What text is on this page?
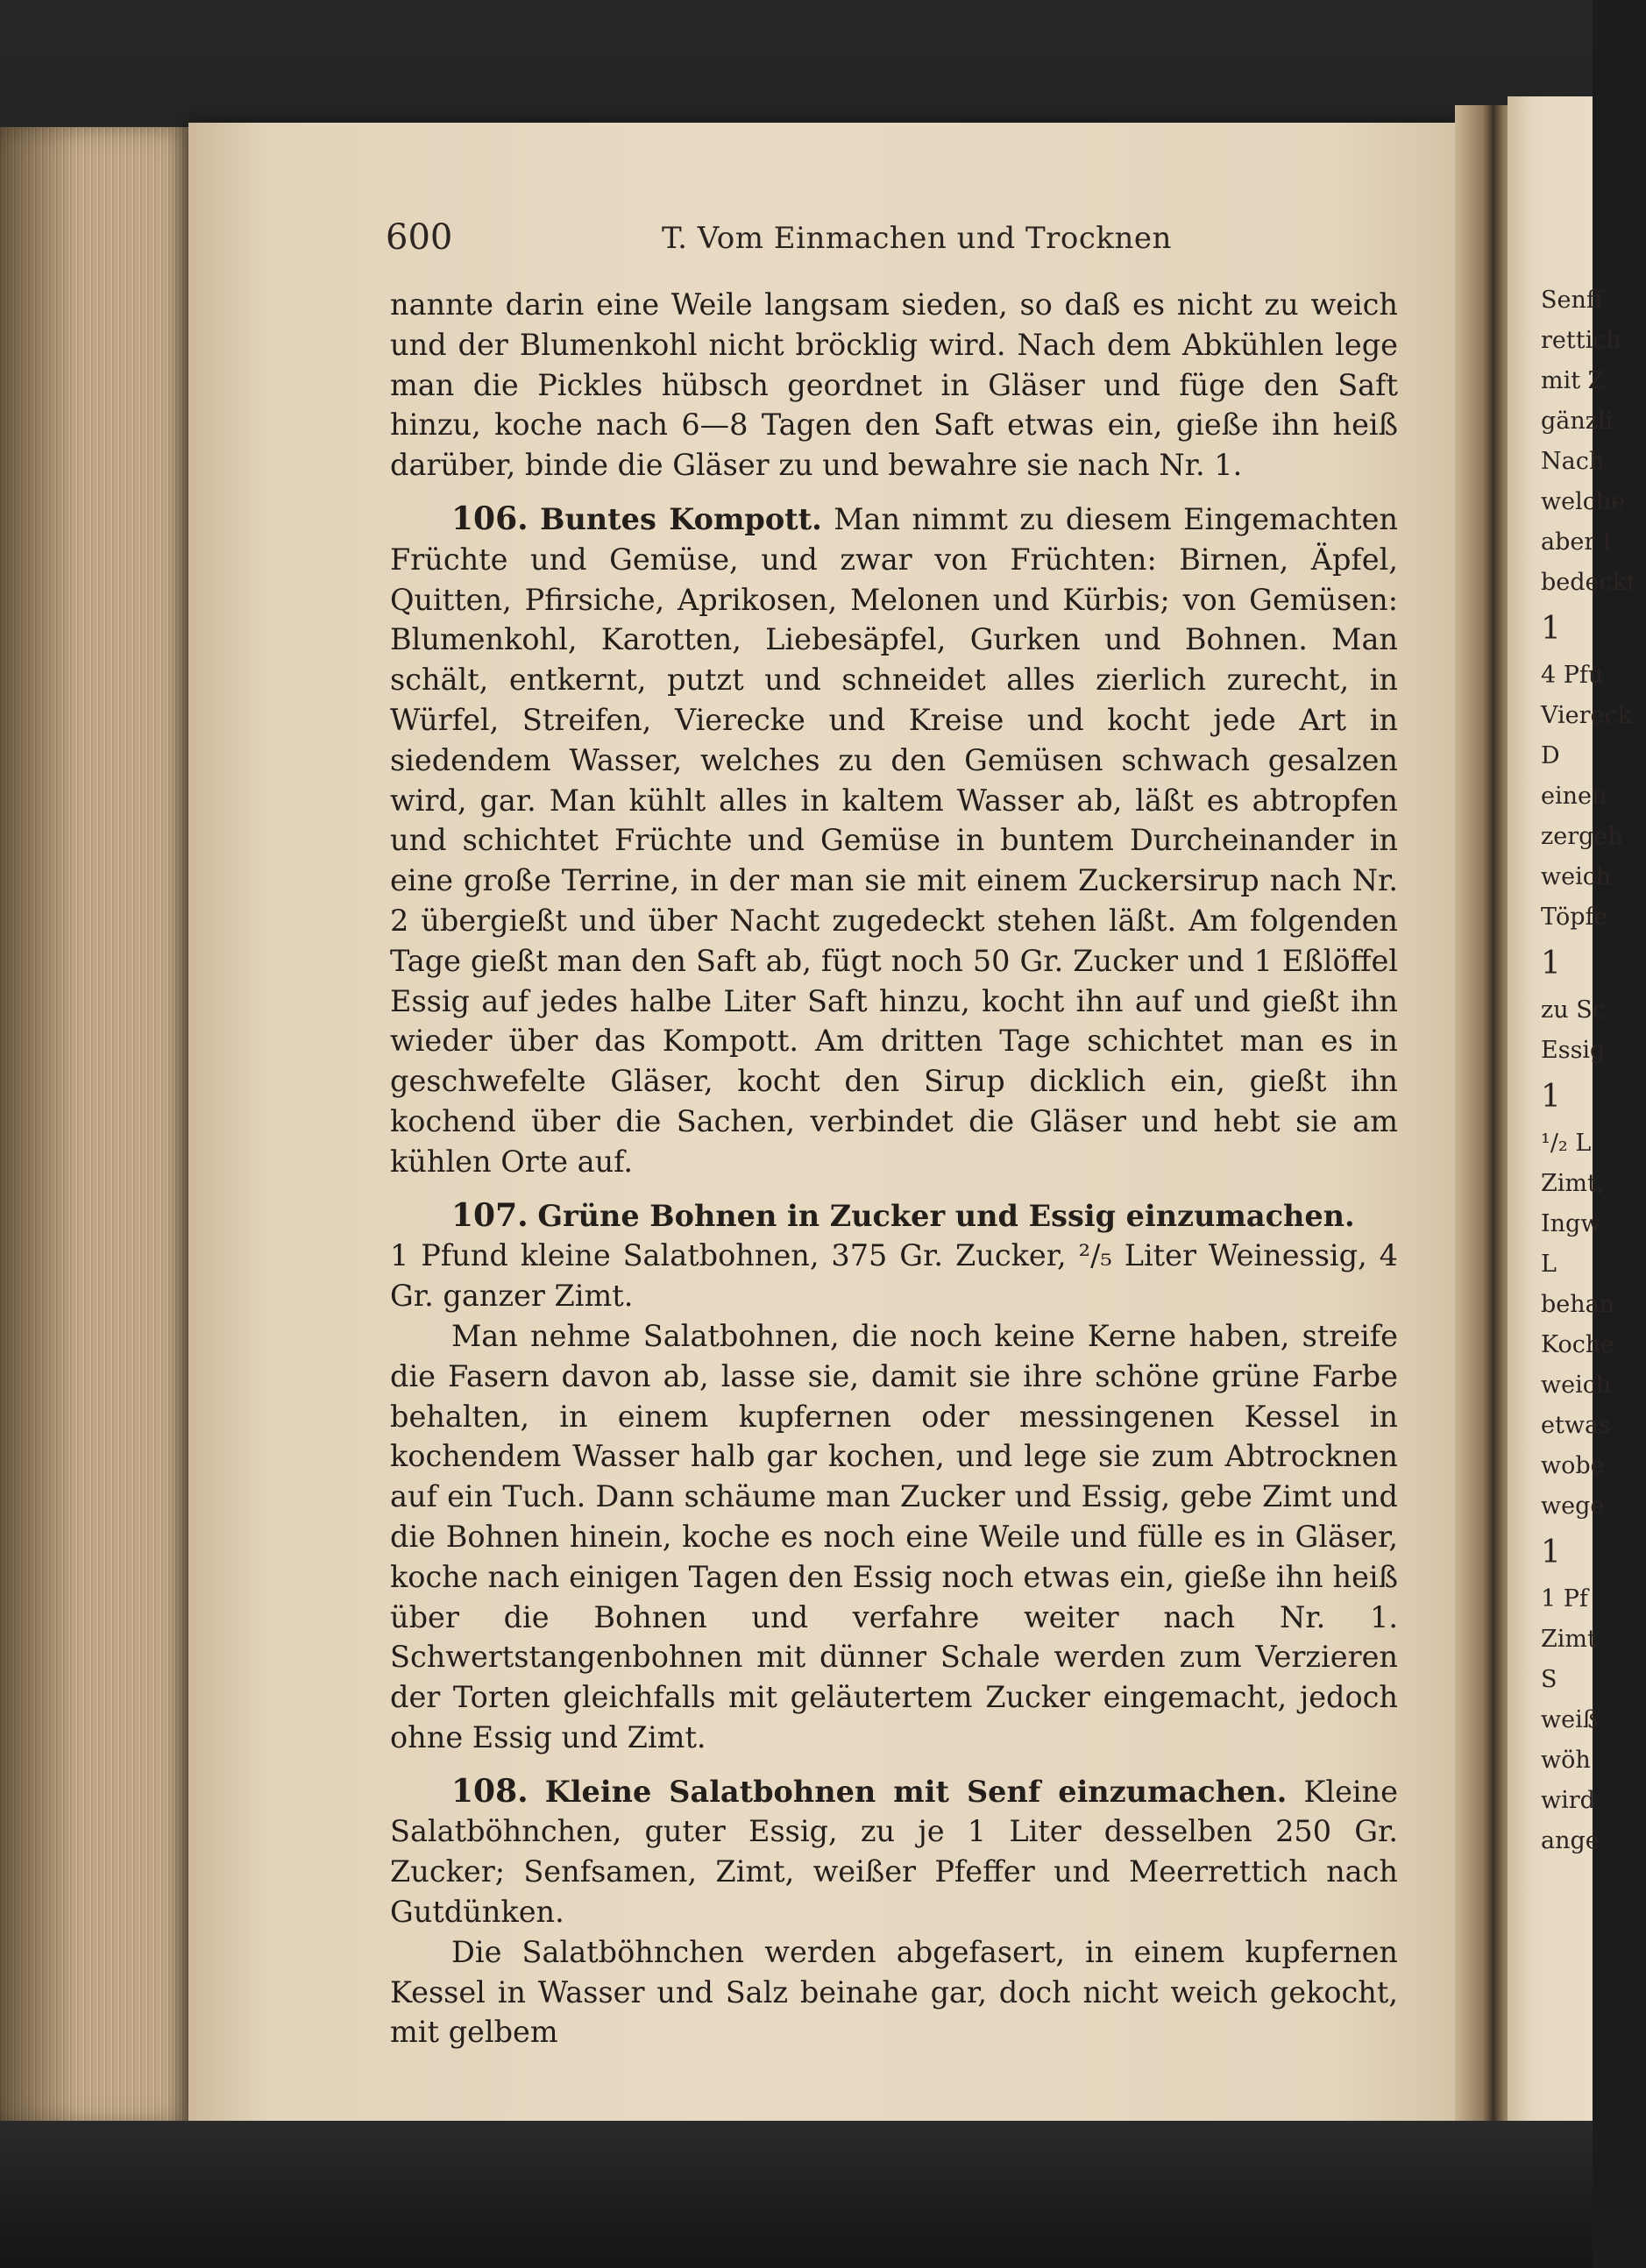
Senff
rettich
mit Z
gänzli
Nach
welche
aber l
bedeckt
1
4 Pfu
Viereck
D
einen
zergeh
weich
Töpfe
1
zu Sc
Essig
1
¹/₂ L
Zimt,
Ingw
L
behan
Koche
weich
etwas
wobe
wege
1
1 Pf
Zimt
S
weiß
wöh
wird
ange
600	T. Vom Einmachen und Trocknen

nannte darin eine Weile langsam sieden, so daß es nicht zu weich und der Blumenkohl nicht bröcklig wird. Nach dem Abkühlen lege man die Pickles hübsch geordnet in Gläser und füge den Saft hinzu, koche nach 6—8 Tagen den Saft etwas ein, gieße ihn heiß darüber, binde die Gläser zu und bewahre sie nach Nr. 1.

106. Buntes Kompott. Man nimmt zu diesem Eingemachten Früchte und Gemüse, und zwar von Früchten: Birnen, Äpfel, Quitten, Pfirsiche, Aprikosen, Melonen und Kürbis; von Gemüsen: Blumenkohl, Karotten, Liebesäpfel, Gurken und Bohnen. Man schält, entkernt, putzt und schneidet alles zierlich zurecht, in Würfel, Streifen, Vierecke und Kreise und kocht jede Art in siedendem Wasser, welches zu den Gemüsen schwach gesalzen wird, gar. Man kühlt alles in kaltem Wasser ab, läßt es abtropfen und schichtet Früchte und Gemüse in buntem Durcheinander in eine große Terrine, in der man sie mit einem Zuckersirup nach Nr. 2 übergießt und über Nacht zugedeckt stehen läßt. Am folgenden Tage gießt man den Saft ab, fügt noch 50 Gr. Zucker und 1 Eßlöffel Essig auf jedes halbe Liter Saft hinzu, kocht ihn auf und gießt ihn wieder über das Kompott. Am dritten Tage schichtet man es in geschwefelte Gläser, kocht den Sirup dicklich ein, gießt ihn kochend über die Sachen, verbindet die Gläser und hebt sie am kühlen Orte auf.

107. Grüne Bohnen in Zucker und Essig einzumachen.

1 Pfund kleine Salatbohnen, 375 Gr. Zucker, ²/₅ Liter Weinessig, 4 Gr. ganzer Zimt.

Man nehme Salatbohnen, die noch keine Kerne haben, streife die Fasern davon ab, lasse sie, damit sie ihre schöne grüne Farbe behalten, in einem kupfernen oder messingenen Kessel in kochendem Wasser halb gar kochen, und lege sie zum Abtrocknen auf ein Tuch. Dann schäume man Zucker und Essig, gebe Zimt und die Bohnen hinein, koche es noch eine Weile und fülle es in Gläser, koche nach einigen Tagen den Essig noch etwas ein, gieße ihn heiß über die Bohnen und verfahre weiter nach Nr. 1. Schwertstangenbohnen mit dünner Schale werden zum Verzieren der Torten gleichfalls mit geläutertem Zucker eingemacht, jedoch ohne Essig und Zimt.

108. Kleine Salatbohnen mit Senf einzumachen. Kleine Salatböhnchen, guter Essig, zu je 1 Liter desselben 250 Gr. Zucker; Senfsamen, Zimt, weißer Pfeffer und Meerrettich nach Gutdünken.

Die Salatböhnchen werden abgefasert, in einem kupfernen Kessel in Wasser und Salz beinahe gar, doch nicht weich gekocht, mit gelbem
